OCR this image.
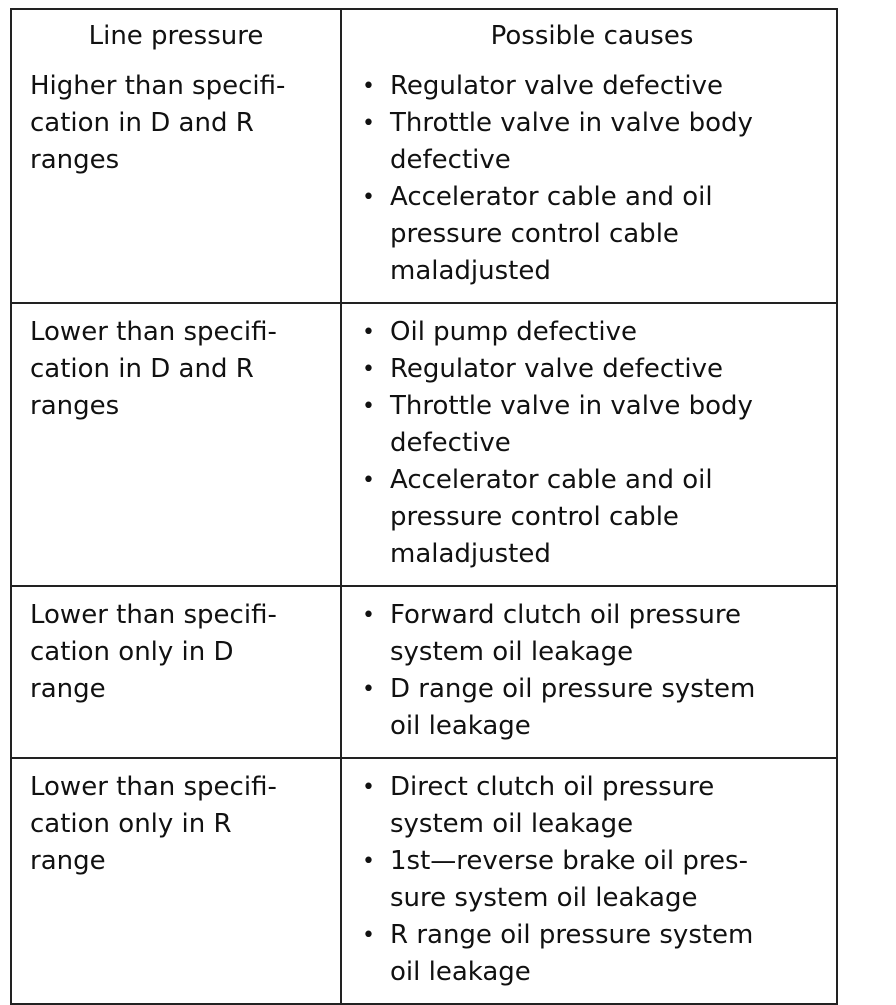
Line pressure	Possible causes
Higher than specifi-
cation in D and R
ranges
• Regulator valve defective
• Throttle valve in valve body
defective
• Accelerator cable and oil
pressure control cable
maladjusted
Lower than specifi-
cation in D and R
ranges
• Oil pump defective
• Regulator valve defective
• Throttle valve in valve body
defective
• Accelerator cable and oil
pressure control cable
maladjusted
Lower than specifi-
cation only in D
range
• Forward clutch oil pressure
system oil leakage
• D range oil pressure system
oil leakage
Lower than specifi-
cation only in R
range
• Direct clutch oil pressure
system oil leakage
• 1st—reverse brake oil pres-
sure system oil leakage
• R range oil pressure system
oil leakage
